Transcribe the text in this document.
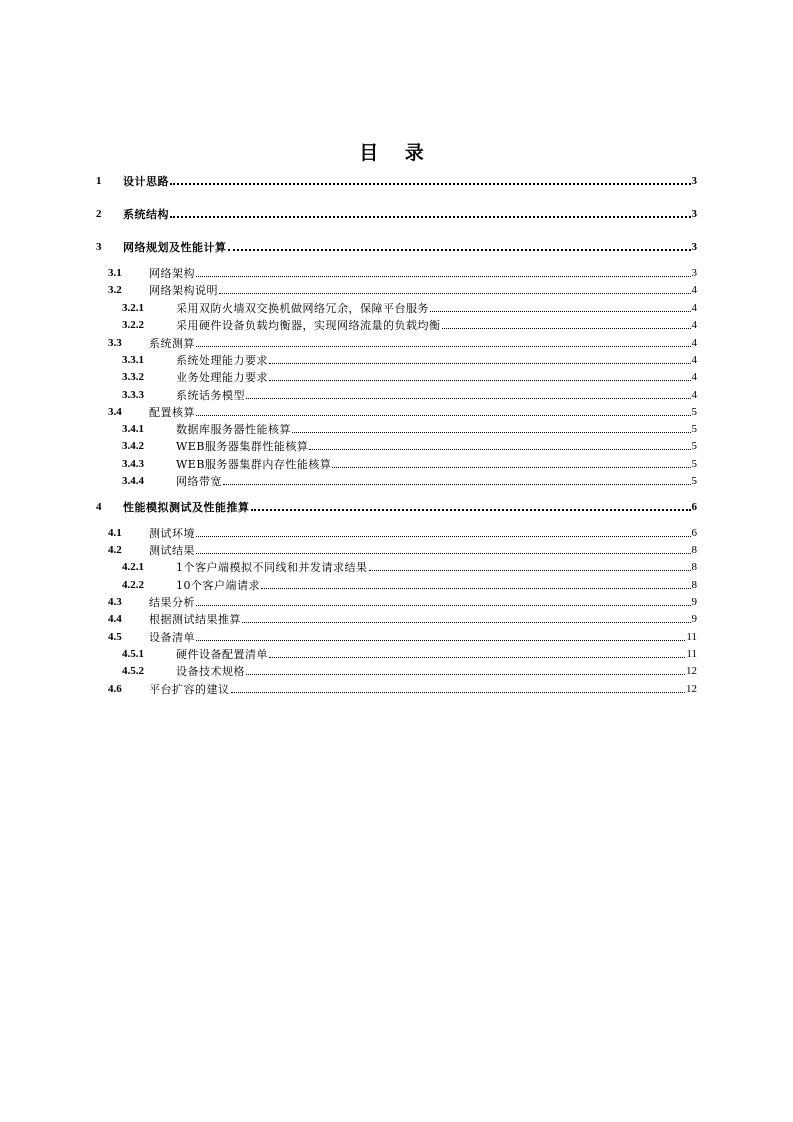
目 录
1	设计思路	3
2	系统结构	3
3	网络规划及性能计算	3
3.1	网络架构	3
3.2	网络架构说明	4
3.2.1	采用双防火墙双交换机做网络冗余，保障平台服务	4
3.2.2	采用硬件设备负载均衡器，实现网络流量的负载均衡	4
3.3	系统测算	4
3.3.1	系统处理能力要求	4
3.3.2	业务处理能力要求	4
3.3.3	系统话务模型	4
3.4	配置核算	5
3.4.1	数据库服务器性能核算	5
3.4.2	WEB服务器集群性能核算	5
3.4.3	WEB服务器集群内存性能核算	5
3.4.4	网络带宽	5
4	性能模拟测试及性能推算	6
4.1	测试环境	6
4.2	测试结果	8
4.2.1	1个客户端模拟不同线和并发请求结果	8
4.2.2	10个客户端请求	8
4.3	结果分析	9
4.4	根据测试结果推算	9
4.5	设备清单	11
4.5.1	硬件设备配置清单	11
4.5.2	设备技术规格	12
4.6	平台扩容的建议	12
